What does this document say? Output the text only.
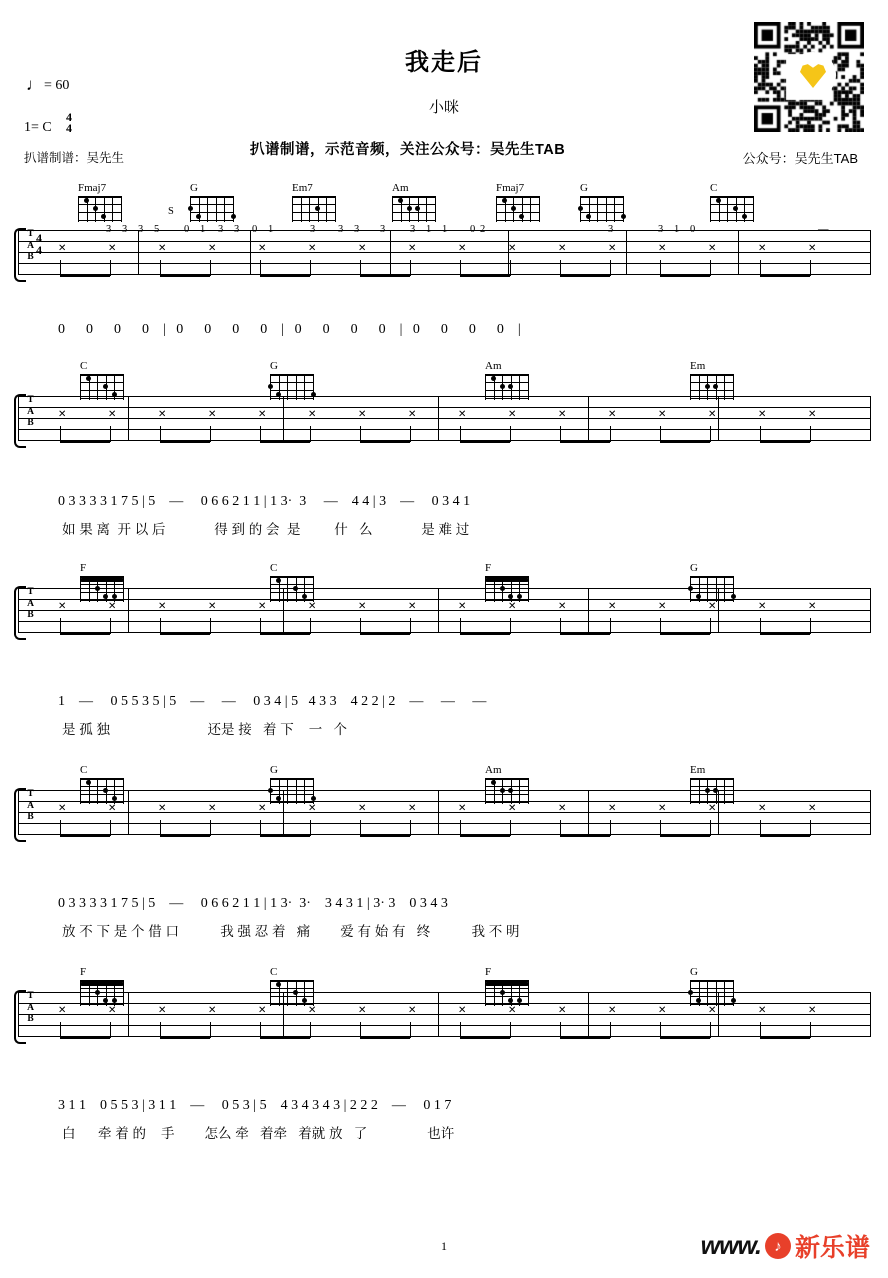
我走后
小咪
♩ = 60
1= C
4
4
扒谱制谱：吴先生	扒谱制谱，示范音频，关注公众号：吴先生TAB
公众号：吴先生TAB
1	www. ♪ 新乐谱
Fmaj7	G	Em7	Am	Fmaj7	G	C
C	G	Am	Em
F	C	F	G
C	G	Am	Em
F	C	F	G
T
A
B
✕	✕	✕	✕	✕	✕	✕	✕	✕	✕	✕	✕	✕	✕	✕	✕
T
A
B
✕	✕	✕	✕	✕	✕	✕	✕	✕	✕	✕	✕	✕	✕	✕	✕
T
A
B
✕	✕	✕	✕	✕	✕	✕	✕	✕	✕	✕	✕	✕	✕	✕	✕
T
A
B
✕	✕	✕	✕	✕	✕	✕	✕	✕	✕	✕	✕	✕	✕	✕	✕
T
A
B
✕	✕	✕	✕	✕	✕	✕	✕	✕	✕	✕	✕	✕	✕	✕	✕
0      0      0      0    |   0      0      0      0    |   0      0      0      0    |   0      0      0      0    |
0 3 3 3 3 1 7 5 | 5    —     0 6 6 2 1 1 | 1 3·  3     —    4 4 | 3    —     0 3 4 1
如 果 离  开 以 后             得 到 的 会  是         什   么             是 难 过
1    —     0 5 5 3 5 | 5    —     —     0 3 4 | 5   4 3 3    4 2 2 | 2    —     —     —
是 孤 独                          还是 接   着 下    一   个
0 3 3 3 3 1 7 5 | 5    —     0 6 6 2 1 1 | 1 3·  3·    3 4 3 1 | 3· 3    0 3 4 3
放 不 下 是 个 借 口           我 强 忍 着   痛        爱 有 始 有   终           我 不 明
3 1 1    0 5 5 3 | 3 1 1    —     0 5 3 | 5    4 3 4 3 4 3 | 2 2 2    —     0 1 7
白      牵 着 的    手        怎么 牵   着牵   着就 放   了                也许
3 3 3 5 0 1 3 3 0 1	3 3 3 3 3 1 1 0 2	3	3 1 0	—
S
4
4
